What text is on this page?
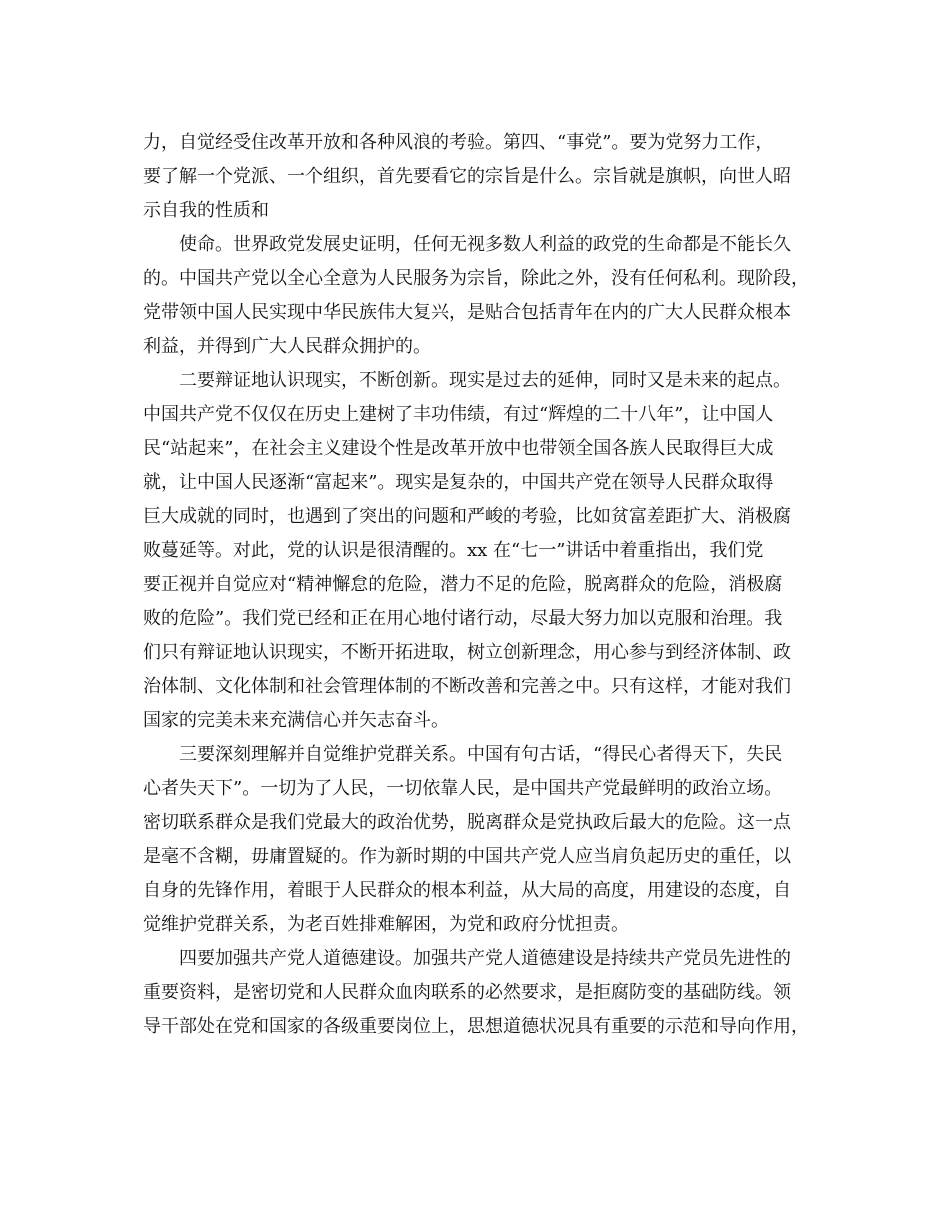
力，自觉经受住改革开放和各种风浪的考验。第四、“事党”。要为党努力工作，
要了解一个党派、一个组织，首先要看它的宗旨是什么。宗旨就是旗帜，向世人昭
示自我的性质和
使命。世界政党发展史证明，任何无视多数人利益的政党的生命都是不能长久
的。中国共产党以全心全意为人民服务为宗旨，除此之外，没有任何私利。现阶段，
党带领中国人民实现中华民族伟大复兴，是贴合包括青年在内的广大人民群众根本
利益，并得到广大人民群众拥护的。
二要辩证地认识现实，不断创新。现实是过去的延伸，同时又是未来的起点。
中国共产党不仅仅在历史上建树了丰功伟绩，有过“辉煌的二十八年”，让中国人
民“站起来”，在社会主义建设个性是改革开放中也带领全国各族人民取得巨大成
就，让中国人民逐渐“富起来”。现实是复杂的，中国共产党在领导人民群众取得
巨大成就的同时，也遇到了突出的问题和严峻的考验，比如贫富差距扩大、消极腐
败蔓延等。对此，党的认识是很清醒的。xx 在“七一”讲话中着重指出，我们党
要正视并自觉应对“精神懈怠的危险，潜力不足的危险，脱离群众的危险，消极腐
败的危险”。我们党已经和正在用心地付诸行动，尽最大努力加以克服和治理。我
们只有辩证地认识现实，不断开拓进取，树立创新理念，用心参与到经济体制、政
治体制、文化体制和社会管理体制的不断改善和完善之中。只有这样，才能对我们
国家的完美未来充满信心并矢志奋斗。
三要深刻理解并自觉维护党群关系。中国有句古话，“得民心者得天下，失民
心者失天下”。一切为了人民，一切依靠人民，是中国共产党最鲜明的政治立场。
密切联系群众是我们党最大的政治优势，脱离群众是党执政后最大的危险。这一点
是毫不含糊，毋庸置疑的。作为新时期的中国共产党人应当肩负起历史的重任，以
自身的先锋作用，着眼于人民群众的根本利益，从大局的高度，用建设的态度，自
觉维护党群关系，为老百姓排难解困，为党和政府分忧担责。
四要加强共产党人道德建设。加强共产党人道德建设是持续共产党员先进性的
重要资料，是密切党和人民群众血肉联系的必然要求，是拒腐防变的基础防线。领
导干部处在党和国家的各级重要岗位上，思想道德状况具有重要的示范和导向作用，
